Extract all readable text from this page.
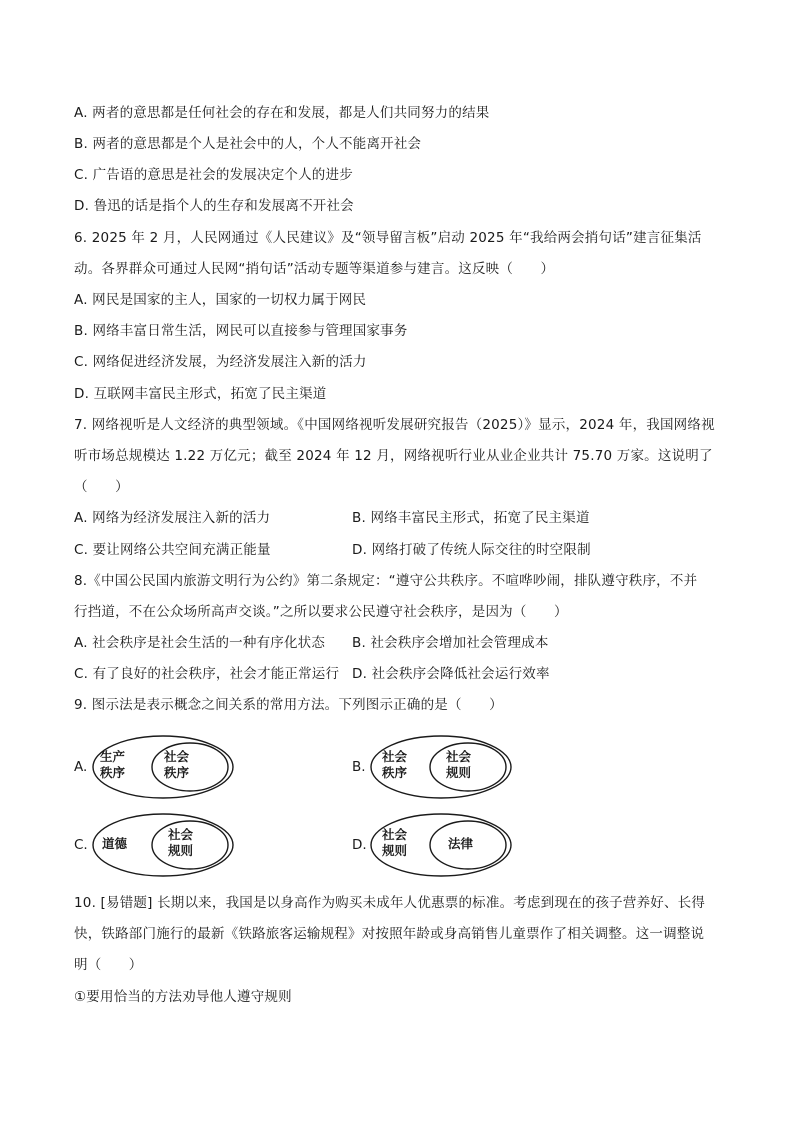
A. 两者的意思都是任何社会的存在和发展，都是人们共同努力的结果
B. 两者的意思都是个人是社会中的人，个人不能离开社会
C. 广告语的意思是社会的发展决定个人的进步
D. 鲁迅的话是指个人的生存和发展离不开社会
6. 2025 年 2 月，人民网通过《人民建议》及“领导留言板”启动 2025 年“我给两会捎句话”建言征集活
动。各界群众可通过人民网“捎句话”活动专题等渠道参与建言。这反映（　　）
A. 网民是国家的主人，国家的一切权力属于网民
B. 网络丰富日常生活，网民可以直接参与管理国家事务
C. 网络促进经济发展，为经济发展注入新的活力
D. 互联网丰富民主形式，拓宽了民主渠道
7. 网络视听是人文经济的典型领域。《中国网络视听发展研究报告（2025）》显示，2024 年，我国网络视
听市场总规模达 1.22 万亿元；截至 2024 年 12 月，网络视听行业从业企业共计 75.70 万家。这说明了
（　　）
A. 网络为经济发展注入新的活力	B. 网络丰富民主形式，拓宽了民主渠道
C. 要让网络公共空间充满正能量	D. 网络打破了传统人际交往的时空限制
8.《中国公民国内旅游文明行为公约》第二条规定：“遵守公共秩序。不喧哗吵闹，排队遵守秩序，不并
行挡道，不在公众场所高声交谈。”之所以要求公民遵守社会秩序，是因为（　　）
A. 社会秩序是社会生活的一种有序化状态 B. 社会秩序会增加社会管理成本
C. 有了良好的社会秩序，社会才能正常运行 D. 社会秩序会降低社会运行效率
9. 图示法是表示概念之间关系的常用方法。下列图示正确的是（　　）
A.
生产
秩序
社会
秩序	B.
社会
秩序
社会
规则
C. 道德
社会
规则	D.
社会
规则	法律
10. [易错题] 长期以来，我国是以身高作为购买未成年人优惠票的标准。考虑到现在的孩子营养好、长得
快，铁路部门施行的最新《铁路旅客运输规程》对按照年龄或身高销售儿童票作了相关调整。这一调整说
明（　　）
①要用恰当的方法劝导他人遵守规则
